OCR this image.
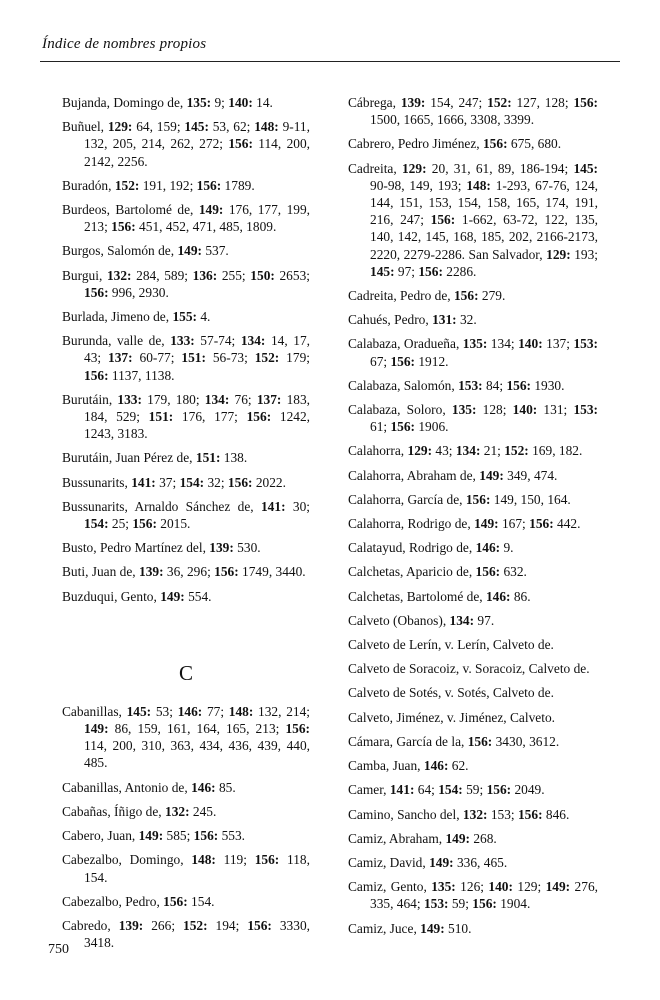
Índice de nombres propios

Bujanda, Domingo de, 135: 9; 140: 14.

Buñuel, 129: 64, 159; 145: 53, 62; 148: 9-11, 132, 205, 214, 262, 272; 156: 114, 200, 2142, 2256.

Buradón, 152: 191, 192; 156: 1789.

Burdeos, Bartolomé de, 149: 176, 177, 199, 213; 156: 451, 452, 471, 485, 1809.

Burgos, Salomón de, 149: 537.

Burgui, 132: 284, 589; 136: 255; 150: 2653; 156: 996, 2930.

Burlada, Jimeno de, 155: 4.

Burunda, valle de, 133: 57-74; 134: 14, 17, 43; 137: 60-77; 151: 56-73; 152: 179; 156: 1137, 1138.

Burutáin, 133: 179, 180; 134: 76; 137: 183, 184, 529; 151: 176, 177; 156: 1242, 1243, 3183.

Burutáin, Juan Pérez de, 151: 138.

Bussunarits, 141: 37; 154: 32; 156: 2022.

Bussunarits, Arnaldo Sánchez de, 141: 30; 154: 25; 156: 2015.

Busto, Pedro Martínez del, 139: 530.

Buti, Juan de, 139: 36, 296; 156: 1749, 3440.

Buzduqui, Gento, 149: 554.

C

Cabanillas, 145: 53; 146: 77; 148: 132, 214; 149: 86, 159, 161, 164, 165, 213; 156: 114, 200, 310, 363, 434, 436, 439, 440, 485.

Cabanillas, Antonio de, 146: 85.

Cabañas, Íñigo de, 132: 245.

Cabero, Juan, 149: 585; 156: 553.

Cabezalbo, Domingo, 148: 119; 156: 118, 154.

Cabezalbo, Pedro, 156: 154.

Cabredo, 139: 266; 152: 194; 156: 3330, 3418.

Cábrega, 139: 154, 247; 152: 127, 128; 156: 1500, 1665, 1666, 3308, 3399.

Cabrero, Pedro Jiménez, 156: 675, 680.

Cadreita, 129: 20, 31, 61, 89, 186-194; 145: 90-98, 149, 193; 148: 1-293, 67-76, 124, 144, 151, 153, 154, 158, 165, 174, 191, 216, 247; 156: 1-662, 63-72, 122, 135, 140, 142, 145, 168, 185, 202, 2166-2173, 2220, 2279-2286. San Salvador, 129: 193; 145: 97; 156: 2286.

Cadreita, Pedro de, 156: 279.

Cahués, Pedro, 131: 32.

Calabaza, Oradueña, 135: 134; 140: 137; 153: 67; 156: 1912.

Calabaza, Salomón, 153: 84; 156: 1930.

Calabaza, Soloro, 135: 128; 140: 131; 153: 61; 156: 1906.

Calahorra, 129: 43; 134: 21; 152: 169, 182.

Calahorra, Abraham de, 149: 349, 474.

Calahorra, García de, 156: 149, 150, 164.

Calahorra, Rodrigo de, 149: 167; 156: 442.

Calatayud, Rodrigo de, 146: 9.

Calchetas, Aparicio de, 156: 632.

Calchetas, Bartolomé de, 146: 86.

Calveto (Obanos), 134: 97.

Calveto de Lerín, v. Lerín, Calveto de.

Calveto de Soracoiz, v. Soracoiz, Calveto de.

Calveto de Sotés, v. Sotés, Calveto de.

Calveto, Jiménez, v. Jiménez, Calveto.

Cámara, García de la, 156: 3430, 3612.

Camba, Juan, 146: 62.

Camer, 141: 64; 154: 59; 156: 2049.

Camino, Sancho del, 132: 153; 156: 846.

Camiz, Abraham, 149: 268.

Camiz, David, 149: 336, 465.

Camiz, Gento, 135: 126; 140: 129; 149: 276, 335, 464; 153: 59; 156: 1904.

Camiz, Juce, 149: 510.

750
